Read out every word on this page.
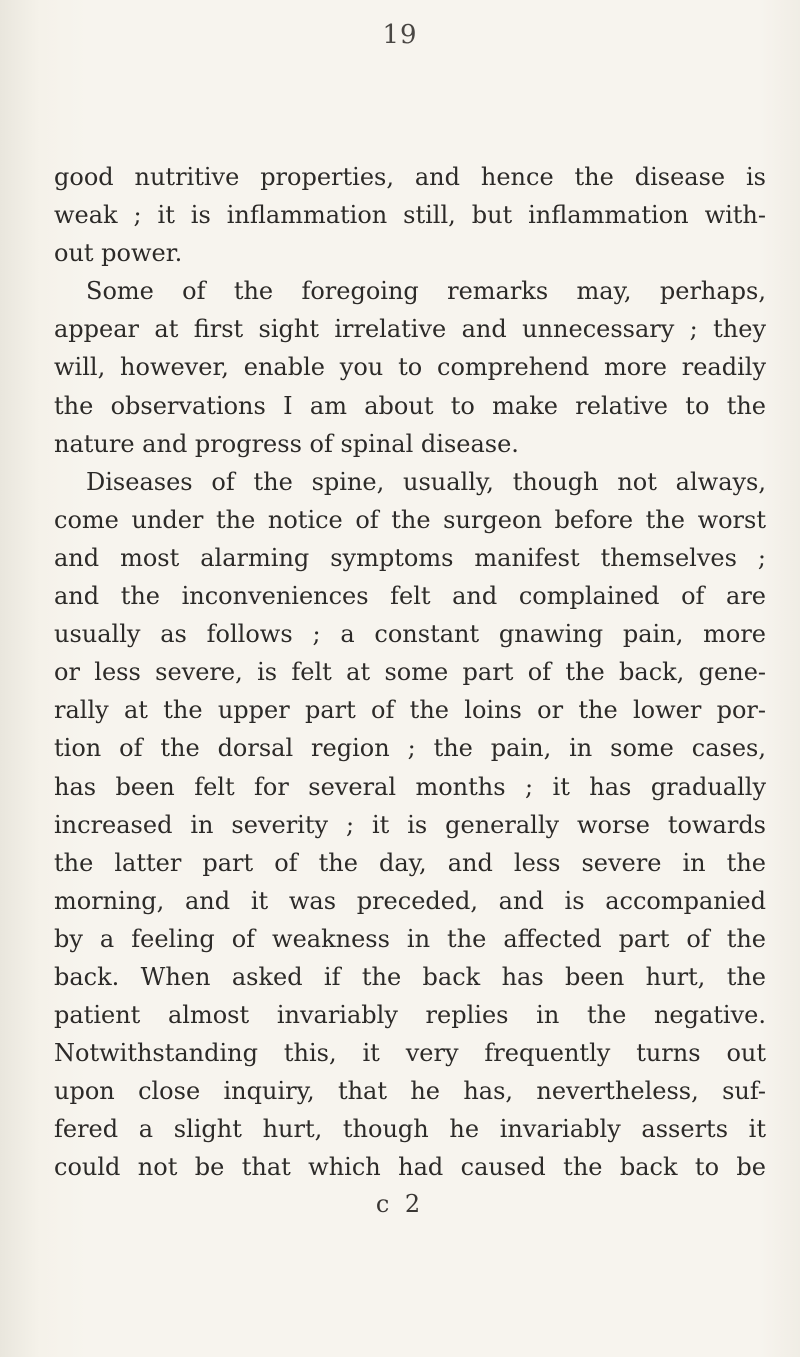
19
good nutritive properties, and hence the disease is
weak ; it is inflammation still, but inflammation with-
out power.
Some of the foregoing remarks may, perhaps,
appear at first sight irrelative and unnecessary ; they
will, however, enable you to comprehend more readily
the observations I am about to make relative to the
nature and progress of spinal disease.
Diseases of the spine, usually, though not always,
come under the notice of the surgeon before the worst
and most alarming symptoms manifest themselves ;
and the inconveniences felt and complained of are
usually as follows ; a constant gnawing pain, more
or less severe, is felt at some part of the back, gene-
rally at the upper part of the loins or the lower por-
tion of the dorsal region ; the pain, in some cases,
has been felt for several months ; it has gradually
increased in severity ; it is generally worse towards
the latter part of the day, and less severe in the
morning, and it was preceded, and is accompanied
by a feeling of weakness in the affected part of the
back. When asked if the back has been hurt, the
patient almost invariably replies in the negative.
Notwithstanding this, it very frequently turns out
upon close inquiry, that he has, nevertheless, suf-
fered a slight hurt, though he invariably asserts it
could not be that which had caused the back to be
c 2
